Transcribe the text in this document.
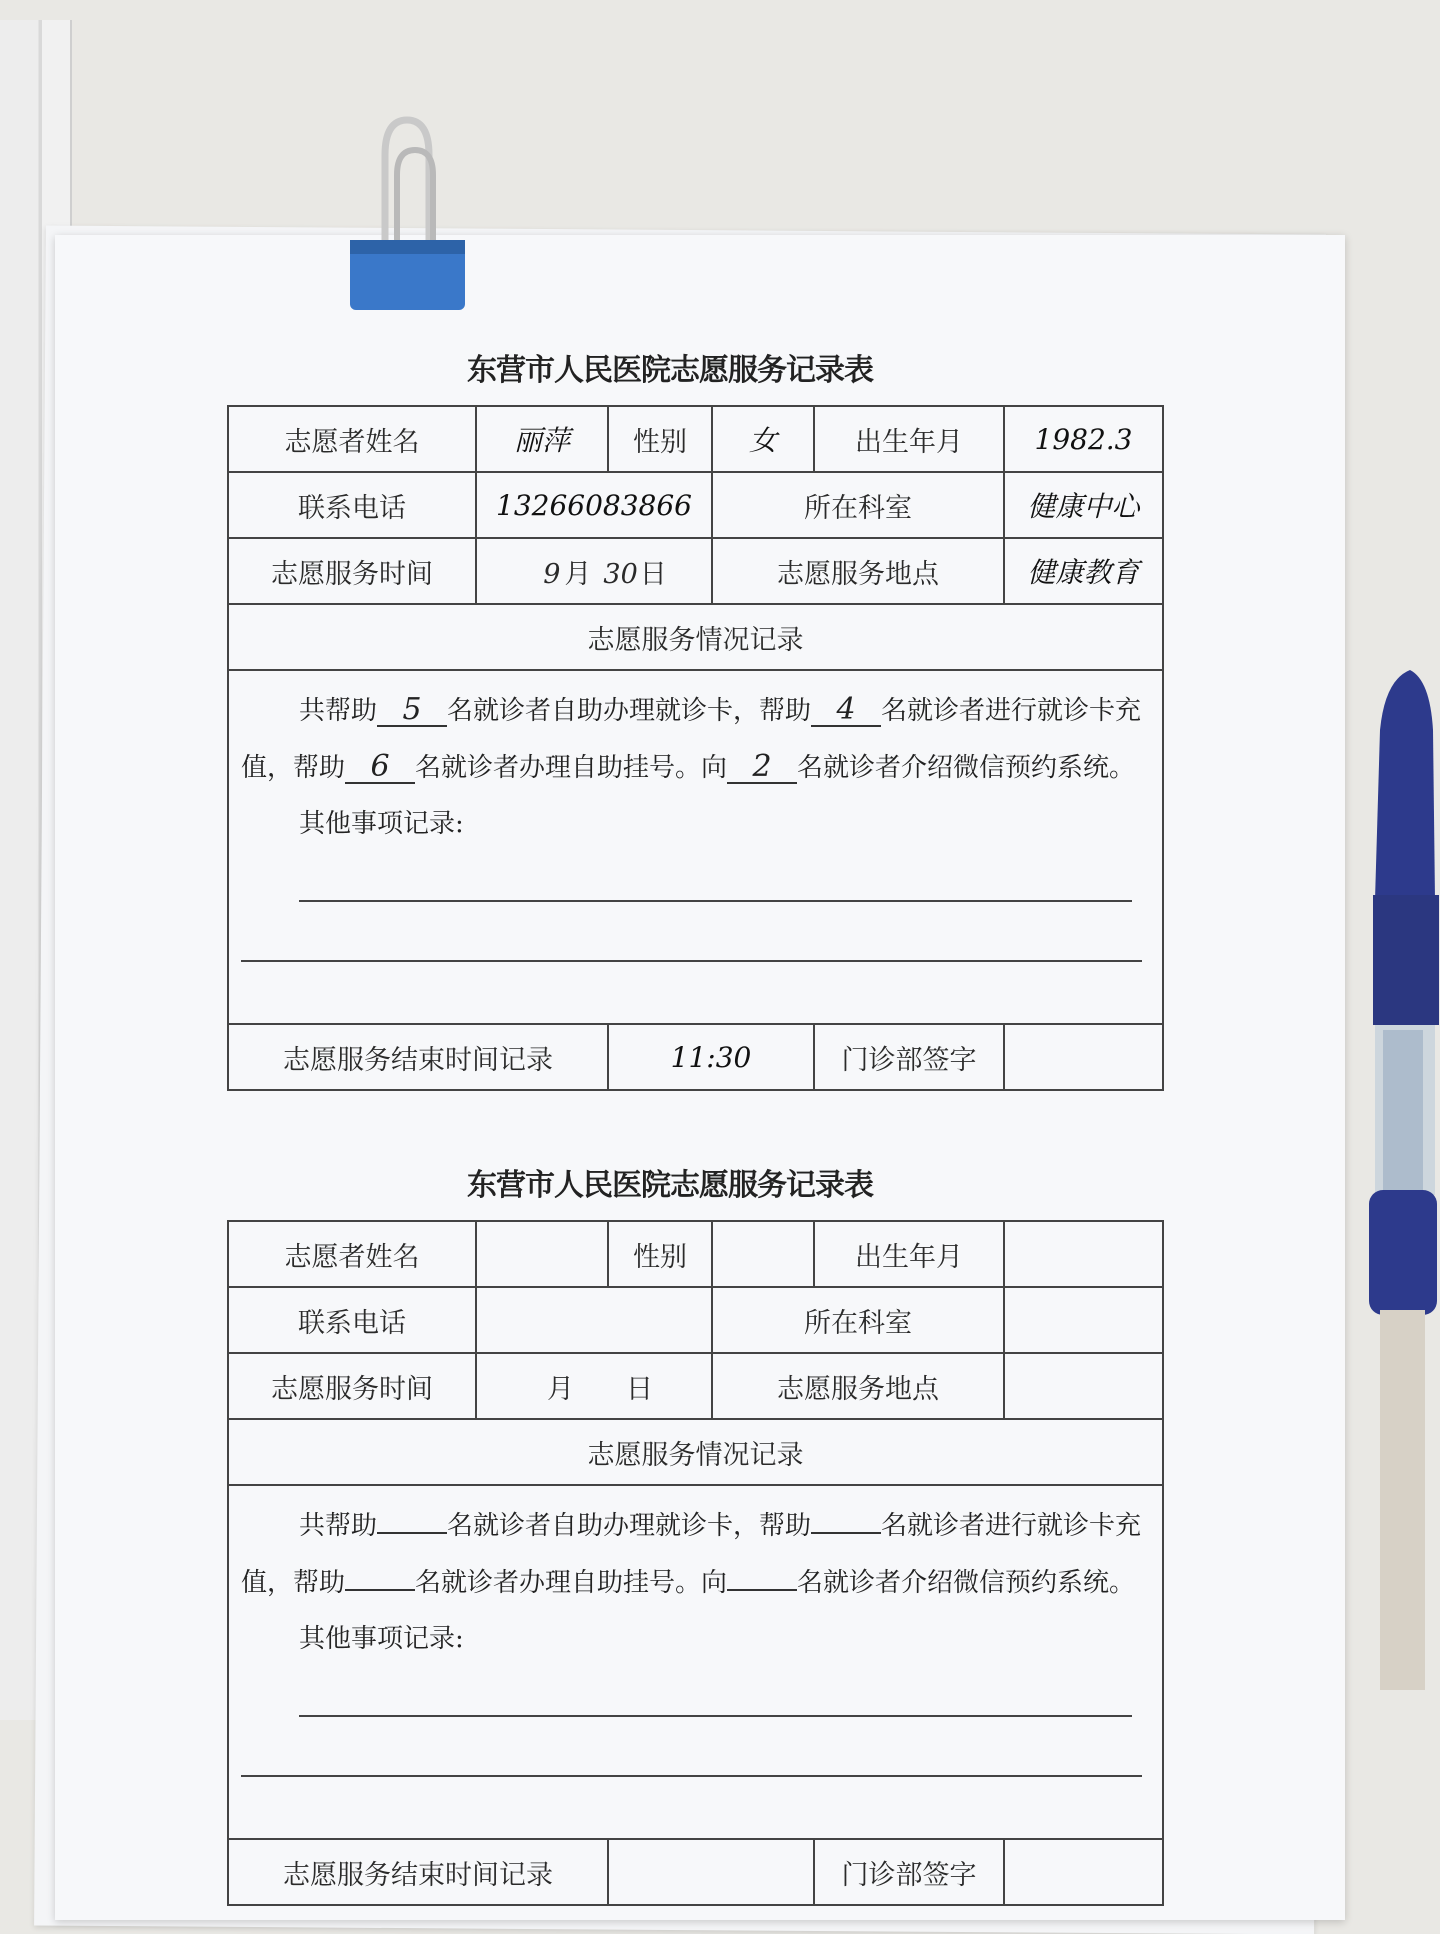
东营市人民医院志愿服务记录表
志愿者姓名	丽萍	性别	女	出生年月	1982.3
联系电话	13266083866		所在科室		健康中心
志愿服务时间	9 月 30日		志愿服务地点		健康教育
志愿服务情况记录					

共帮助 5 名就诊者自助办理就诊卡，帮助 4 名就诊者进行就诊卡充值，帮助 6 名就诊者办理自助挂号。向 2 名就诊者介绍微信预约系统。

其他事项记录:					

志愿服务结束时间记录		11:30		门诊部签字	
东营市人民医院志愿服务记录表
志愿者姓名		性别		出生年月	
联系电话			所在科室		
志愿服务时间	月 日		志愿服务地点		
志愿服务情况记录					

共帮助 名就诊者自助办理就诊卡，帮助 名就诊者进行就诊卡充值，帮助 名就诊者办理自助挂号。向 名就诊者介绍微信预约系统。

其他事项记录:					

志愿服务结束时间记录				门诊部签字	
